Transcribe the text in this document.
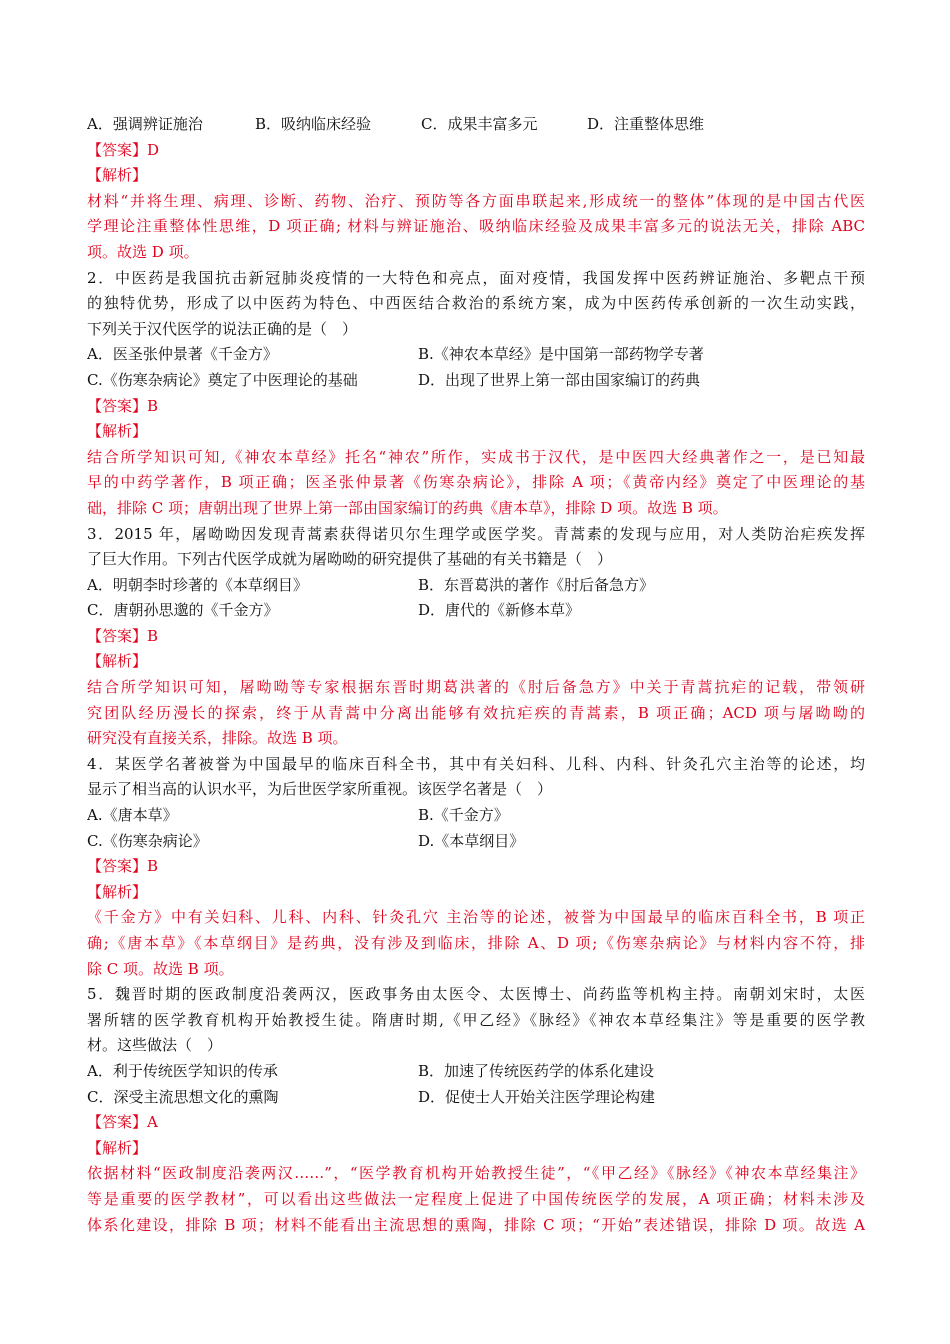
A．强调辨证施治	B．吸纳临床经验	C．成果丰富多元	D．注重整体思维
【答案】D
【解析】
材料“并将生理、病理、诊断、药物、治疗、预防等各方面串联起来,形成统一的整体”体现的是中国古代医
学理论注重整体性思维，D 项正确; 材料与辨证施治、吸纳临床经验及成果丰富多元的说法无关，排除 ABC
项。故选 D 项。
2．中医药是我国抗击新冠肺炎疫情的一大特色和亮点，面对疫情，我国发挥中医药辨证施治、多靶点干预
的独特优势，形成了以中医药为特色、中西医结合救治的系统方案，成为中医药传承创新的一次生动实践，
下列关于汉代医学的说法正确的是（　）
A．医圣张仲景著《千金方》	B.《神农本草经》是中国第一部药物学专著
C.《伤寒杂病论》奠定了中医理论的基础	D．出现了世界上第一部由国家编订的药典
【答案】B
【解析】
结合所学知识可知,《神农本草经》托名“神农”所作，实成书于汉代，是中医四大经典著作之一，是已知最
早的中药学著作，B 项正确；医圣张仲景著《伤寒杂病论》，排除 A 项；《黄帝内经》奠定了中医理论的基
础，排除 C 项；唐朝出现了世界上第一部由国家编订的药典《唐本草》，排除 D 项。故选 B 项。
3．2015 年，屠呦呦因发现青蒿素获得诺贝尔生理学或医学奖。青蒿素的发现与应用，对人类防治疟疾发挥
了巨大作用。下列古代医学成就为屠呦呦的研究提供了基础的有关书籍是（　）
A．明朝李时珍著的《本草纲目》	B．东晋葛洪的著作《肘后备急方》
C．唐朝孙思邈的《千金方》	D．唐代的《新修本草》
【答案】B
【解析】
结合所学知识可知，屠呦呦等专家根据东晋时期葛洪著的《肘后备急方》中关于青蒿抗疟的记载，带领研
究团队经历漫长的探索，终于从青蒿中分离出能够有效抗疟疾的青蒿素，B 项正确；ACD 项与屠呦呦的
研究没有直接关系，排除。故选 B 项。
4．某医学名著被誉为中国最早的临床百科全书，其中有关妇科、儿科、内科、针灸孔穴主治等的论述，均
显示了相当高的认识水平，为后世医学家所重视。该医学名著是（　）
A.《唐本草》	B.《千金方》
C.《伤寒杂病论》	D.《本草纲目》
【答案】B
【解析】
《千金方》中有关妇科、儿科、内科、针灸孔穴 主治等的论述，被誉为中国最早的临床百科全书，B 项正
确;《唐本草》《本草纲目》是药典，没有涉及到临床，排除 A、D 项;《伤寒杂病论》与材料内容不符，排
除 C 项。故选 B 项。
5．魏晋时期的医政制度沿袭两汉，医政事务由太医令、太医博士、尚药监等机构主持。南朝刘宋时，太医
署所辖的医学教育机构开始教授生徒。隋唐时期,《甲乙经》《脉经》《神农本草经集注》等是重要的医学教
材。这些做法（　）
A．利于传统医学知识的传承	B．加速了传统医药学的体系化建设
C．深受主流思想文化的熏陶	D．促使士人开始关注医学理论构建
【答案】A
【解析】
依据材料“医政制度沿袭两汉……”，“医学教育机构开始教授生徒”，“《甲乙经》《脉经》《神农本草经集注》
等是重要的医学教材”，可以看出这些做法一定程度上促进了中国传统医学的发展，A 项正确；材料未涉及
体系化建设，排除 B 项；材料不能看出主流思想的熏陶，排除 C 项；“开始”表述错误，排除 D 项。故选 A
